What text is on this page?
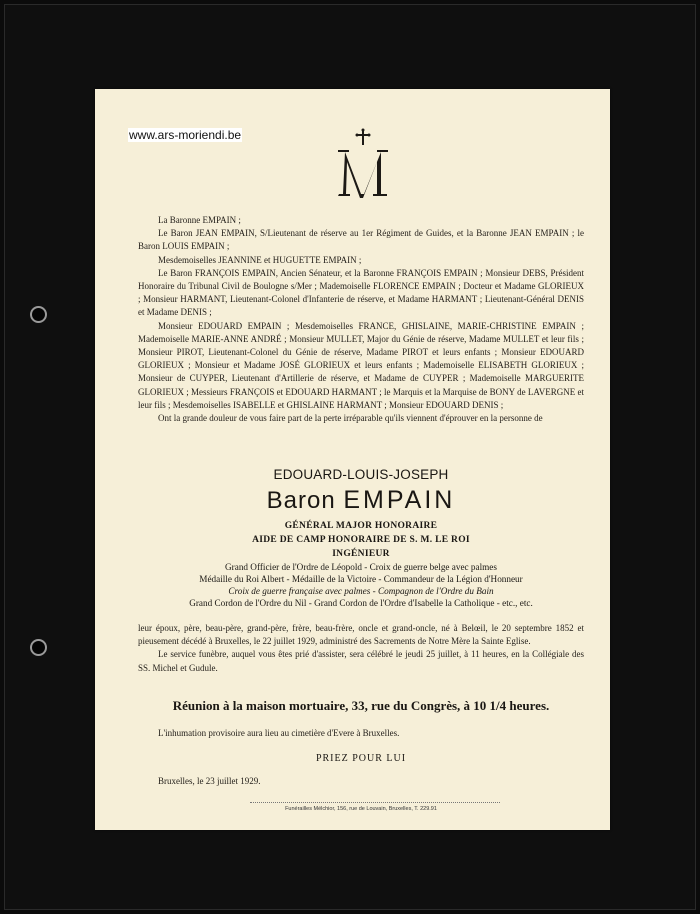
www.ars-moriendi.be

La Baronne EMPAIN ;

Le Baron JEAN EMPAIN, S/Lieutenant de réserve au 1er Régiment de Guides, et la Baronne JEAN EMPAIN ; le Baron LOUIS EMPAIN ;

Mesdemoiselles JEANNINE et HUGUETTE EMPAIN ;

Le Baron FRANÇOIS EMPAIN, Ancien Sénateur, et la Baronne FRANÇOIS EMPAIN ; Monsieur DEBS, Président Honoraire du Tribunal Civil de Boulogne s/Mer ; Mademoiselle FLORENCE EMPAIN ; Docteur et Madame GLORIEUX ; Monsieur HARMANT, Lieutenant-Colonel d'Infanterie de réserve, et Madame HARMANT ; Lieutenant-Général DENIS et Madame DENIS ;

Monsieur EDOUARD EMPAIN ; Mesdemoiselles FRANCE, GHISLAINE, MARIE-CHRISTINE EMPAIN ; Mademoiselle MARIE-ANNE ANDRÉ ; Monsieur MULLET, Major du Génie de réserve, Madame MULLET et leur fils ; Monsieur PIROT, Lieutenant-Colonel du Génie de réserve, Madame PIROT et leurs enfants ; Monsieur EDOUARD GLORIEUX ; Monsieur et Madame JOSÉ GLORIEUX et leurs enfants ; Mademoiselle ELISABETH GLORIEUX ; Monsieur de CUYPER, Lieutenant d'Artillerie de réserve, et Madame de CUYPER ; Mademoiselle MARGUERITE GLORIEUX ; Messieurs FRANÇOIS et EDOUARD HARMANT ; le Marquis et la Marquise de BONY de LAVERGNE et leur fils ; Mesdemoiselles ISABELLE et GHISLAINE HARMANT ; Monsieur EDOUARD DENIS ;

Ont la grande douleur de vous faire part de la perte irréparable qu'ils viennent d'éprouver en la personne de

EDOUARD-LOUIS-JOSEPH
Baron EMPAIN
GÉNÉRAL MAJOR HONORAIRE
AIDE DE CAMP HONORAIRE DE S. M. LE ROI
INGÉNIEUR
Grand Officier de l'Ordre de Léopold - Croix de guerre belge avec palmes
Médaille du Roi Albert - Médaille de la Victoire - Commandeur de la Légion d'Honneur
Croix de guerre française avec palmes - Compagnon de l'Ordre du Bain
Grand Cordon de l'Ordre du Nil - Grand Cordon de l'Ordre d'Isabelle la Catholique - etc., etc.

leur époux, père, beau-père, grand-père, frère, beau-frère, oncle et grand-oncle, né à Belœil, le 20 septembre 1852 et pieusement décédé à Bruxelles, le 22 juillet 1929, administré des Sacrements de Notre Mère la Sainte Eglise.

Le service funèbre, auquel vous êtes prié d'assister, sera célébré le jeudi 25 juillet, à 11 heures, en la Collégiale des SS. Michel et Gudule.

Réunion à la maison mortuaire, 33, rue du Congrès, à 10 1/4 heures.

L'inhumation provisoire aura lieu au cimetière d'Evere à Bruxelles.

PRIEZ POUR LUI
Bruxelles, le 23 juillet 1929.
Funérailles Mélchior, 156, rue de Louvain, Bruxelles, T. 229.91
